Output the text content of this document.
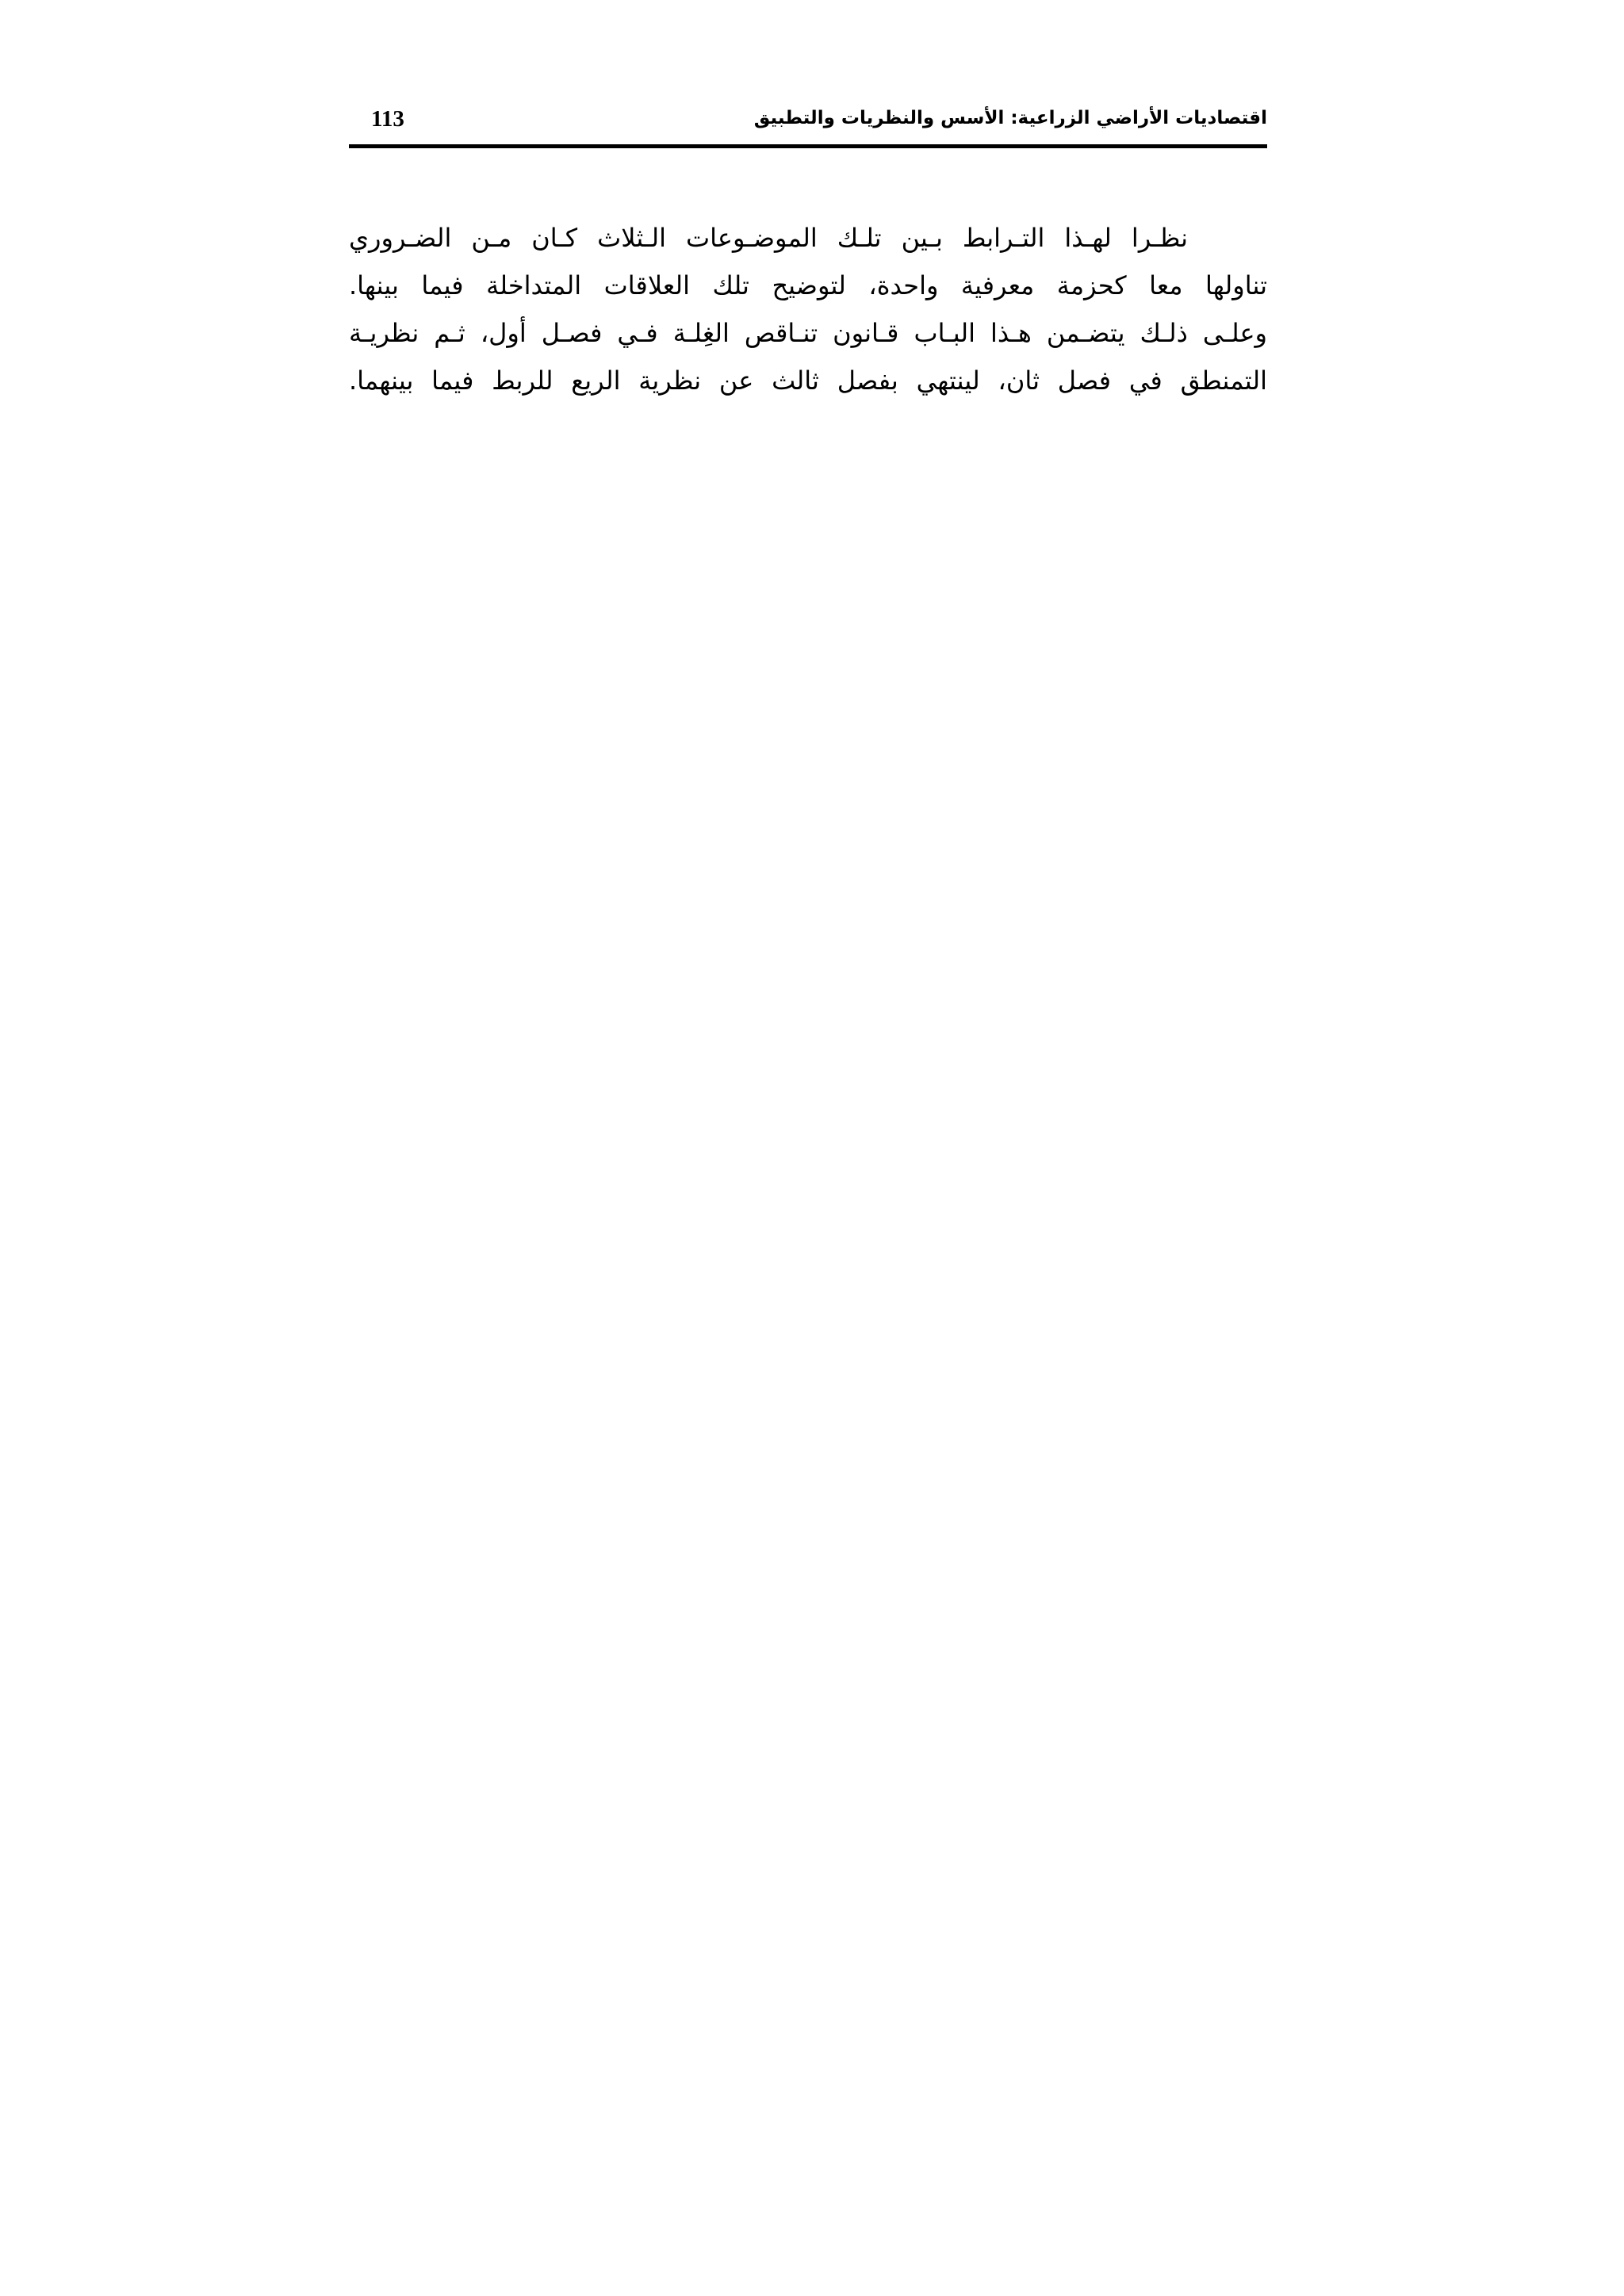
113	اقتصاديات الأراضي الزراعية: الأسس والنظريات والتطبيق
نظـرا لهـذا التـرابط بـين تلـك الموضـوعات الـثلاث كـان مـن الضـروري
تناولها معا كحزمة معرفية واحدة، لتوضيح تلك العلاقات المتداخلة فيما بينها.
وعلـى ذلـك يتضـمن هـذا البـاب قـانون تنـاقص الغِلـة فـي فصـل أول، ثـم نظريـة
التمنطق في فصل ثان، لينتهي بفصل ثالث عن نظرية الريع للربط فيما بينهما.
